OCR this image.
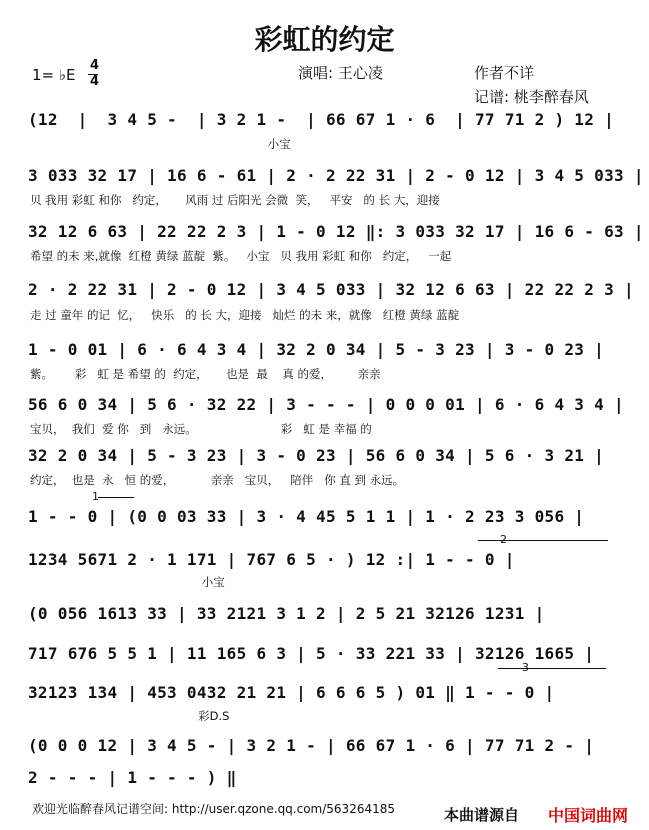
彩虹的约定
1= ♭E
4
4	演唱: 王心凌	作者不详
记谱: 桃李醉春风
(12  |  3 4 5 -  | 3 2 1 -  | 66 67 1 · 6  | 77 71 2 ) 12 |
小宝
3 033 32 17 | 16 6 - 61 | 2 · 2 22 31 | 2 - 0 12 | 3 4 5 033 |
贝 我用 彩虹 和你   约定，     风雨 过 后阳光 会微  笑，   平安   的 长 大，迎接
32 12 6 63 | 22 22 2 3 | 1 - 0 12 ‖: 3 033 32 17 | 16 6 - 63 |
希望 的未 来,就像  红橙 黄绿 蓝靛  紫。   小宝   贝 我用 彩虹 和你   约定，   一起
2 · 2 22 31 | 2 - 0 12 | 3 4 5 033 | 32 12 6 63 | 22 22 2 3 |
走 过 童年 的记  忆，   快乐   的 长 大，迎接   灿烂 的未 来，就像   红橙 黄绿 蓝靛
1 - 0 01 | 6 · 6 4 3 4 | 32 2 0 34 | 5 - 3 23 | 3 - 0 23 |
紫。      彩   虹 是 希望 的  约定，     也是  最    真 的爱，       亲亲
56 6 0 34 | 5 6 · 32 22 | 3 - - - | 0 0 0 01 | 6 · 6 4 3 4 |
宝贝，  我们  爱 你   到   永远。                       彩   虹 是 幸福 的
32 2 0 34 | 5 - 3 23 | 3 - 0 23 | 56 6 0 34 | 5 6 · 3 21 |
约定，  也是  永   恒 的爱，          亲亲   宝贝，   陪伴   你 直 到 永远。
1
1 - - 0 | (0 0 03 33 | 3 · 4 45 5 1 1 | 1 · 2 23 3 056 |
2
1234 5671 2 · 1 171 | 767 6 5 · ) 12 :| 1 - - 0 |
小宝
(0 056 1613 33 | 33 2121 3 1 2 | 2 5 21 32126 1231 |
717 676 5 5 1 | 11 165 6 3 | 5 · 33 221 33 | 32126 1665 |
3
32123 134 | 453 0432 21 21 | 6 6 6 5 ) 01 ‖ 1 - - 0 |
彩D.S
(0 0 0 12 | 3 4 5 - | 3 2 1 - | 66 67 1 · 6 | 77 71 2 - |
2 - - - | 1 - - - ) ‖
欢迎光临醉春风记谱空间: http://user.qzone.qq.com/563264185	本曲谱源自 中国词曲网
